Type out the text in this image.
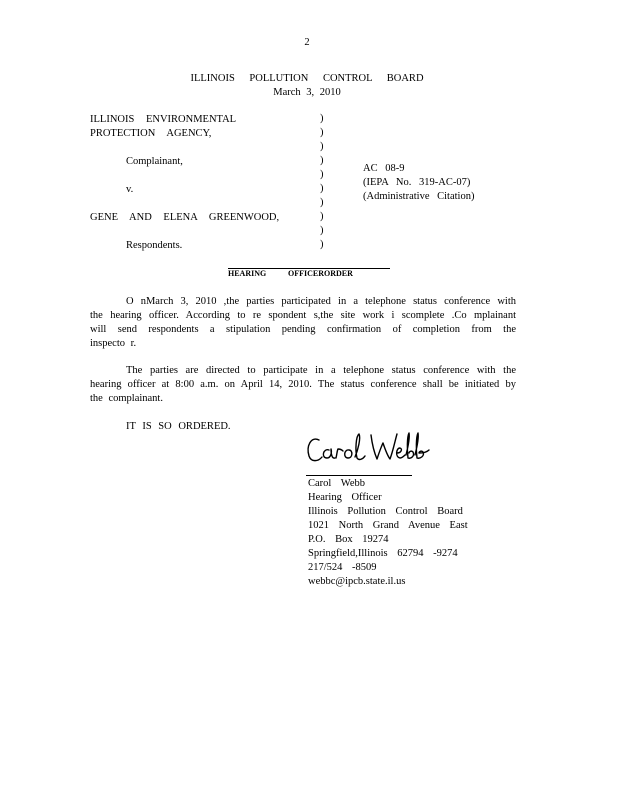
2
ILLINOIS POLLUTION CONTROL BOARD
March 3, 2010
ILLINOIS ENVIRONMENTAL
PROTECTION AGENCY,
Complainant,
v.
GENE AND ELENA GREENWOOD,
Respondents.
)
)
)
)
)
)
)
)
)
)
AC 08-9
(IEPA No. 319-AC-07)
(Administrative Citation)
HEARING	OFFICERORDER
O nMarch 3, 2010 ,the parties participated in a telephone status conference with
the hearing officer. According to re spondent s,the site work i scomplete .Co mplainant
will send respondents a stipulation pending confirmation of completion from the
inspecto r.
The parties are directed to participate in a telephone status conference with the
hearing officer at 8:00 a.m. on April 14, 2010. The status conference shall be initiated by
the complainant.
IT IS SO ORDERED.
Carol Webb
Hearing Officer
Illinois Pollution Control Board
1021 North Grand Avenue East
P.O. Box 19274
Springfield,Illinois 62794 -9274
217/524 -8509
webbc@ipcb.state.il.us
